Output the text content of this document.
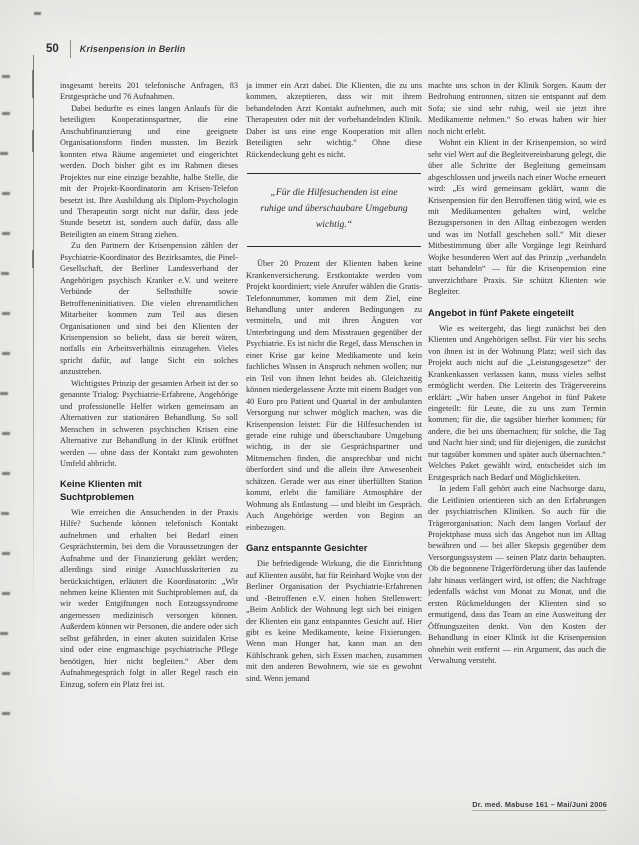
50 Krisenpension in Berlin

insgesamt bereits 201 telefonische Anfragen, 83 Erstgespräche und 76 Aufnahmen.

Dabei bedurfte es eines langen Anlaufs für die beteiligten Kooperationspartner, die eine Anschubfinanzierung und eine geeignete Organisationsform finden mussten. Im Bezirk konnten etwa Räume angemietet und eingerichtet werden. Doch bisher gibt es im Rahmen dieses Projektes nur eine einzige bezahlte, halbe Stelle, die mit der Projekt-Koordinatorin am Krisen-Telefon besetzt ist. Ihre Ausbildung als Diplom-Psychologin und Therapeutin sorgt nicht nur dafür, dass jede Stunde besetzt ist, sondern auch dafür, dass alle Beteiligten an einem Strang ziehen.

Zu den Partnern der Krisenpension zählen der Psychiatrie-Koordinator des Bezirksamtes, die Pinel-Gesellschaft, der Berliner Landesverband der Angehörigen psychisch Kranker e.V. und weitere Verbünde der Selbsthilfe sowie Betroffeneninitiativen. Die vielen ehrenamtlichen Mitarbeiter kommen zum Teil aus diesen Organisationen und sind bei den Klienten der Krisenpension so beliebt, dass sie bereit wären, notfalls ein Arbeitsverhältnis einzugehen. Vieles spricht dafür, auf lange Sicht ein solches anzustreben.

Wichtigstes Prinzip der gesamten Arbeit ist der so genannte Trialog: Psychiatrie-Erfahrene, Angehörige und professionelle Helfer wirken gemeinsam an Alternativen zur stationären Behandlung. So soll Menschen in schweren psychischen Krisen eine Alternative zur Behandlung in der Klinik eröffnet werden — ohne dass der Kontakt zum gewohnten Umfeld abbricht.

Keine Klienten mit Suchtproblemen

Wie erreichen die Ansuchenden in der Praxis Hilfe? Suchende können telefonisch Kontakt aufnehmen und erhalten bei Bedarf einen Gesprächstermin, bei dem die Voraussetzungen der Aufnahme und der Finanzierung geklärt werden; allerdings sind einige Ausschlusskriterien zu berücksichtigen, erläutert die Koordinatorin: „Wir nehmen keine Klienten mit Suchtproblemen auf, da wir weder Entgiftungen noch Entzugssyndrome angemessen medizinisch versorgen können. Außerdem können wir Personen, die andere oder sich selbst gefährden, in einer akuten suizidalen Krise sind oder eine engmaschige psychiatrische Pflege benötigen, hier nicht begleiten.“ Aber dem Aufnahmegespräch folgt in aller Regel rasch ein Einzug, sofern ein Platz frei ist.

ja immer ein Arzt dabei. Die Klienten, die zu uns kommen, akzeptieren, dass wir mit ihrem behandelnden Arzt Kontakt aufnehmen, auch mit Therapeuten oder mit der vorbehandelnden Klinik. Daher ist uns eine enge Kooperation mit allen Beteiligten sehr wichtig.“ Ohne diese Rückendeckung geht es nicht.

„Für die Hilfesuchenden ist eine ruhige und überschaubare Umgebung wichtig.“

Über 20 Prozent der Klienten haben keine Krankenversicherung. Erstkontakte werden vom Projekt koordiniert; viele Anrufer wählen die Gratis-Telefonnummer, kommen mit dem Ziel, eine Behandlung unter anderen Bedingungen zu vermitteln, und mit ihren Ängsten vor Unterbringung und dem Misstrauen gegenüber der Psychiatrie. Es ist nicht die Regel, dass Menschen in einer Krise gar keine Medikamente und kein fachliches Wissen in Anspruch nehmen wollen; nur ein Teil von ihnen lehnt beides ab. Gleichzeitig können niedergelassene Ärzte mit einem Budget von 40 Euro pro Patient und Quartal in der ambulanten Versorgung nur schwer möglich machen, was die Krisenpension leistet: Für die Hilfesuchenden ist gerade eine ruhige und überschaubare Umgebung wichtig, in der sie Gesprächspartner und Mitmenschen finden, die ansprechbar und nicht überfordert sind und die allein ihre Anwesenheit schätzen. Gerade wer aus einer überfüllten Station kommt, erlebt die familiäre Atmosphäre der Wohnung als Entlastung — und bleibt im Gespräch. Auch Angehörige werden von Beginn an einbezogen.

Ganz entspannte Gesichter

Die befriedigende Wirkung, die die Einrichtung auf Klienten ausübt, hat für Reinhard Wojke von der Berliner Organisation der Psychiatrie-Erfahrenen und -Betroffenen e.V. einen hohen Stellenwert: „Beim Anblick der Wohnung legt sich bei einigen der Klienten ein ganz entspanntes Gesicht auf. Hier gibt es keine Medikamente, keine Fixierungen. Wenn man Hunger hat, kann man an den Kühlschrank gehen, sich Essen machen, zusammen mit den anderen Bewohnern, wie sie es gewohnt sind. Wenn jemand

machte uns schon in der Klinik Sorgen. Kaum der Bedrohung entronnen, sitzen sie entspannt auf dem Sofa; sie sind sehr ruhig, weil sie jetzt ihre Medikamente nehmen.“ So etwas haben wir hier noch nicht erlebt.

Wohnt ein Klient in der Krisenpension, so wird sehr viel Wert auf die Begleitvereinbarung gelegt, die über alle Schritte der Begleitung gemeinsam abgeschlossen und jeweils nach einer Woche erneuert wird: „Es wird gemeinsam geklärt, wann die Krisenpension für den Betroffenen tätig wird, wie es mit Medikamenten gehalten wird, welche Bezugspersonen in den Alltag einbezogen werden und was im Notfall geschehen soll.“ Mit dieser Mitbestimmung über alle Vorgänge legt Reinhard Wojke besonderen Wert auf das Prinzip „verhandeln statt behandeln“ — für die Krisenpension eine unverzichtbare Praxis. Sie schützt Klienten wie Begleiter.

Angebot in fünf Pakete eingeteilt

Wie es weitergeht, das liegt zunächst bei den Klienten und Angehörigen selbst. Für vier bis sechs von ihnen ist in der Wohnung Platz; weil sich das Projekt auch nicht auf die „Leistungsgesetze“ der Krankenkassen verlassen kann, muss vieles selbst ermöglicht werden. Die Leiterin des Trägervereins erklärt: „Wir haben unser Angebot in fünf Pakete eingeteilt: für Leute, die zu uns zum Termin kommen; für die, die tagsüber hierher kommen; für andere, die bei uns übernachten; für solche, die Tag und Nacht hier sind; und für diejenigen, die zunächst nur tagsüber kommen und später auch übernachten.“ Welches Paket gewählt wird, entscheidet sich im Erstgespräch nach Bedarf und Möglichkeiten.

In jedem Fall gehört auch eine Nachsorge dazu, die Leitlinien orientieren sich an den Erfahrungen der psychiatrischen Kliniken. So auch für die Trägerorganisation: Nach dem langen Vorlauf der Projektphase muss sich das Angebot nun im Alltag bewähren und — bei aller Skepsis gegenüber dem Versorgungssystem — seinen Platz darin behaupten. Ob die begonnene Trägerförderung über das laufende Jahr hinaus verlängert wird, ist offen; die Nachfrage jedenfalls wächst von Monat zu Monat, und die ersten Rückmeldungen der Klienten sind so ermutigend, dass das Team an eine Ausweitung der Öffnungszeiten denkt. Von den Kosten der Behandlung in einer Klinik ist die Krisenpension ohnehin weit entfernt — ein Argument, das auch die Verwaltung versteht.

Dr. med. Mabuse 161 – Mai/Juni 2006
